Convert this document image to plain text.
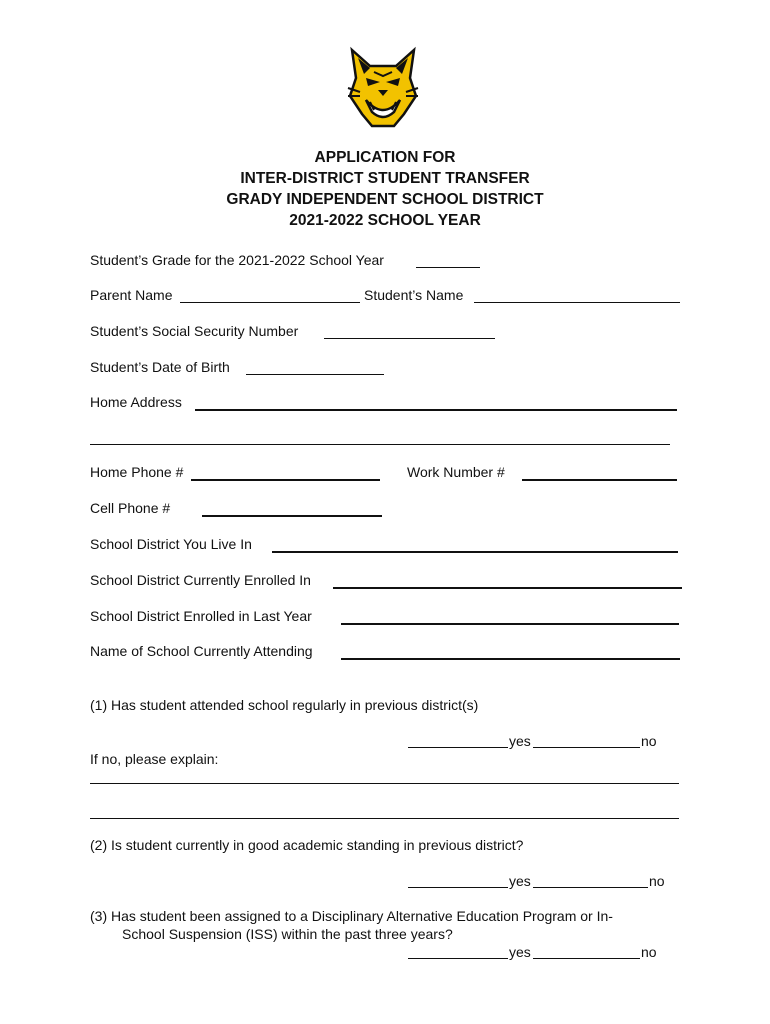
APPLICATION FOR
INTER-DISTRICT STUDENT TRANSFER
GRADY INDEPENDENT SCHOOL DISTRICT
2021-2022 SCHOOL YEAR
Student’s Grade for the 2021-2022 School Year
Parent Name	Student’s Name
Student’s Social Security Number
Student’s Date of Birth
Home Address
Home Phone #	Work Number #
Cell Phone #
School District You Live In
School District Currently Enrolled In
School District Enrolled in Last Year
Name of School Currently Attending
(1) Has student attended school regularly in previous district(s)
yes	no
If no, please explain:
(2) Is student currently in good academic standing in previous district?
yes	no
(3) Has student been assigned to a Disciplinary Alternative Education Program or In-
School Suspension (ISS) within the past three years?
yes	no
